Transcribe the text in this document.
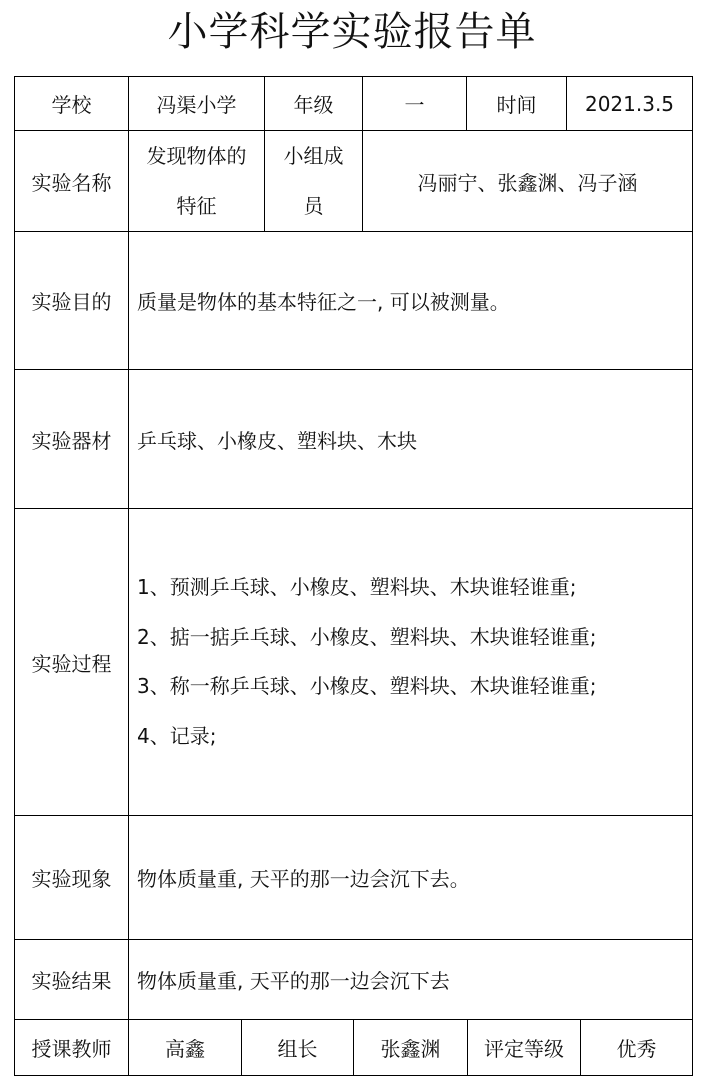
小学科学实验报告单
学校	冯渠小学	年级	一	时间	2021.3.5
实验名称	发现物体的特征	小组成员	冯丽宁、张鑫渊、冯子涵		
实验目的	质量是物体的基本特征之一, 可以被测量。				
实验器材	乒乓球、小橡皮、塑料块、木块				
实验过程	1、预测乒乓球、小橡皮、塑料块、木块谁轻谁重;
2、掂一掂乒乓球、小橡皮、塑料块、木块谁轻谁重;
3、称一称乒乓球、小橡皮、塑料块、木块谁轻谁重;
4、记录;				

实验现象	物体质量重, 天平的那一边会沉下去。				
实验结果	物体质量重, 天平的那一边会沉下去				
授课教师	高鑫	组长	张鑫渊	评定等级	优秀
